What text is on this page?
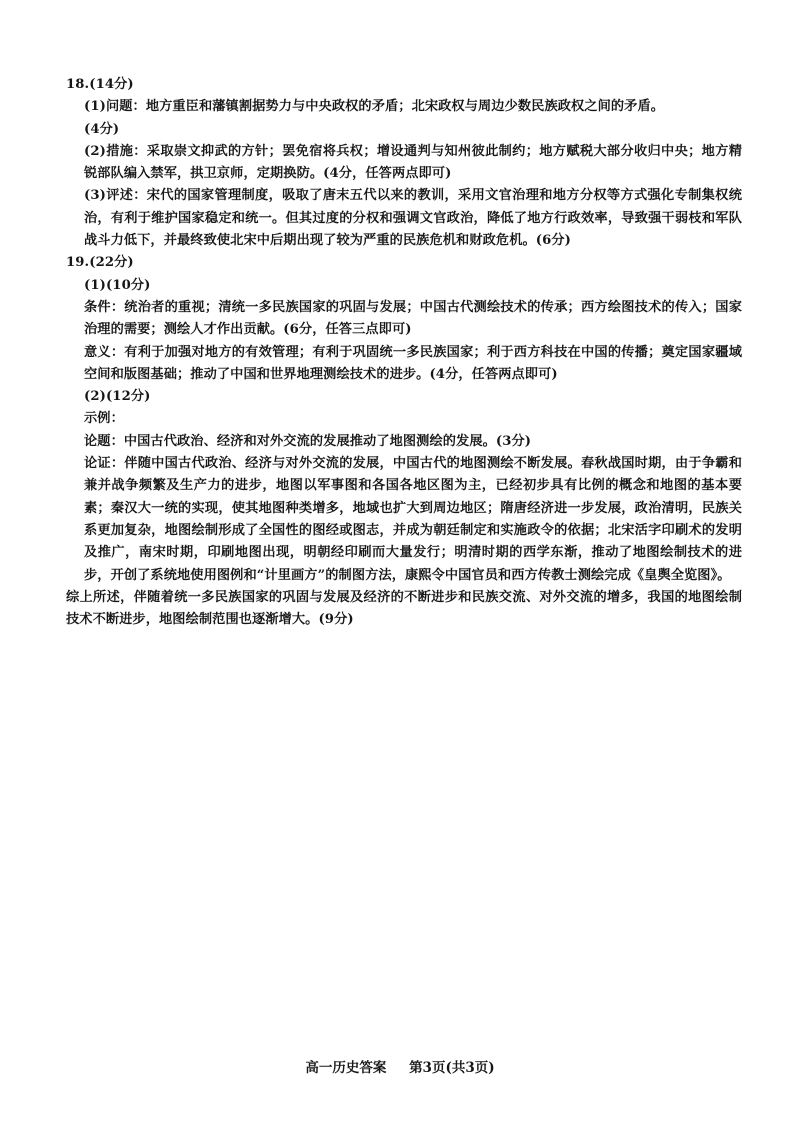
18.(14分)

(1)问题：地方重臣和藩镇割据势力与中央政权的矛盾；北宋政权与周边少数民族政权之间的矛盾。
(4分)

(2)措施：采取崇文抑武的方针；罢免宿将兵权；增设通判与知州彼此制约；地方赋税大部分收归中央；地方精锐部队编入禁军，拱卫京师，定期换防。(4分，任答两点即可)

(3)评述：宋代的国家管理制度，吸取了唐末五代以来的教训，采用文官治理和地方分权等方式强化专制集权统治，有利于维护国家稳定和统一。但其过度的分权和强调文官政治，降低了地方行政效率，导致强干弱枝和军队战斗力低下，并最终致使北宋中后期出现了较为严重的民族危机和财政危机。(6分)

19.(22分)

(1)(10分)

条件：统治者的重视；清统一多民族国家的巩固与发展；中国古代测绘技术的传承；西方绘图技术的传入；国家治理的需要；测绘人才作出贡献。(6分，任答三点即可)

意义：有利于加强对地方的有效管理；有利于巩固统一多民族国家；利于西方科技在中国的传播；奠定国家疆域空间和版图基础；推动了中国和世界地理测绘技术的进步。(4分，任答两点即可)

(2)(12分)

示例：

论题：中国古代政治、经济和对外交流的发展推动了地图测绘的发展。(3分)

论证：伴随中国古代政治、经济与对外交流的发展，中国古代的地图测绘不断发展。春秋战国时期，由于争霸和兼并战争频繁及生产力的进步，地图以军事图和各国各地区图为主，已经初步具有比例的概念和地图的基本要素；秦汉大一统的实现，使其地图种类增多，地域也扩大到周边地区；隋唐经济进一步发展，政治清明，民族关系更加复杂，地图绘制形成了全国性的图经或图志，并成为朝廷制定和实施政令的依据；北宋活字印刷术的发明及推广，南宋时期，印刷地图出现，明朝经印刷而大量发行；明清时期的西学东渐，推动了地图绘制技术的进步，开创了系统地使用图例和“计里画方”的制图方法，康熙令中国官员和西方传教士测绘完成《皇舆全览图》。

综上所述，伴随着统一多民族国家的巩固与发展及经济的不断进步和民族交流、对外交流的增多，我国的地图绘制技术不断进步，地图绘制范围也逐渐增大。(9分)

高一历史答案 第3页(共3页)
